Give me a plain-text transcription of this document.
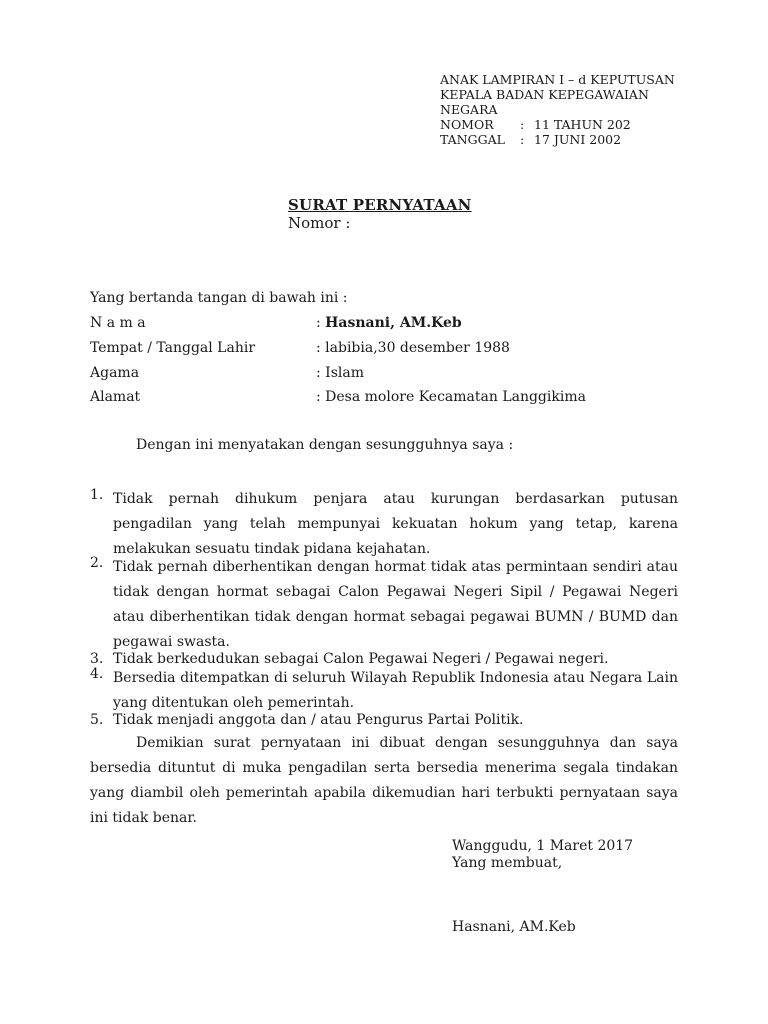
ANAK LAMPIRAN I – d KEPUTUSAN
KEPALA BADAN KEPEGAWAIAN
NEGARA
NOMOR	: 11 TAHUN 202
TANGGAL	: 17 JUNI 2002
SURAT PERNYATAAN
Nomor :
Yang bertanda tangan di bawah ini :
N a m a	: Hasnani, AM.Keb
Tempat / Tanggal Lahir	: labibia,30 desember 1988
Agama	: Islam
Alamat	: Desa molore Kecamatan Langgikima
Dengan ini menyatakan dengan sesungguhnya saya :
1. Tidak pernah dihukum penjara atau kurungan berdasarkan putusan pengadilan yang telah mempunyai kekuatan hokum yang tetap, karena melakukan sesuatu tindak pidana kejahatan.
2. Tidak pernah diberhentikan dengan hormat tidak atas permintaan sendiri atau tidak dengan hormat sebagai Calon Pegawai Negeri Sipil / Pegawai Negeri atau diberhentikan tidak dengan hormat sebagai pegawai BUMN / BUMD dan pegawai swasta.
3. Tidak berkedudukan sebagai Calon Pegawai Negeri / Pegawai negeri.
4. Bersedia ditempatkan di seluruh Wilayah Republik Indonesia atau Negara Lain yang ditentukan oleh pemerintah.
5. Tidak menjadi anggota dan / atau Pengurus Partai Politik.
Demikian surat pernyataan ini dibuat dengan sesungguhnya dan saya bersedia dituntut di muka pengadilan serta bersedia menerima segala tindakan yang diambil oleh pemerintah apabila dikemudian hari terbukti pernyataan saya ini tidak benar.
Wanggudu, 1 Maret 2017
Yang membuat,
Hasnani, AM.Keb
